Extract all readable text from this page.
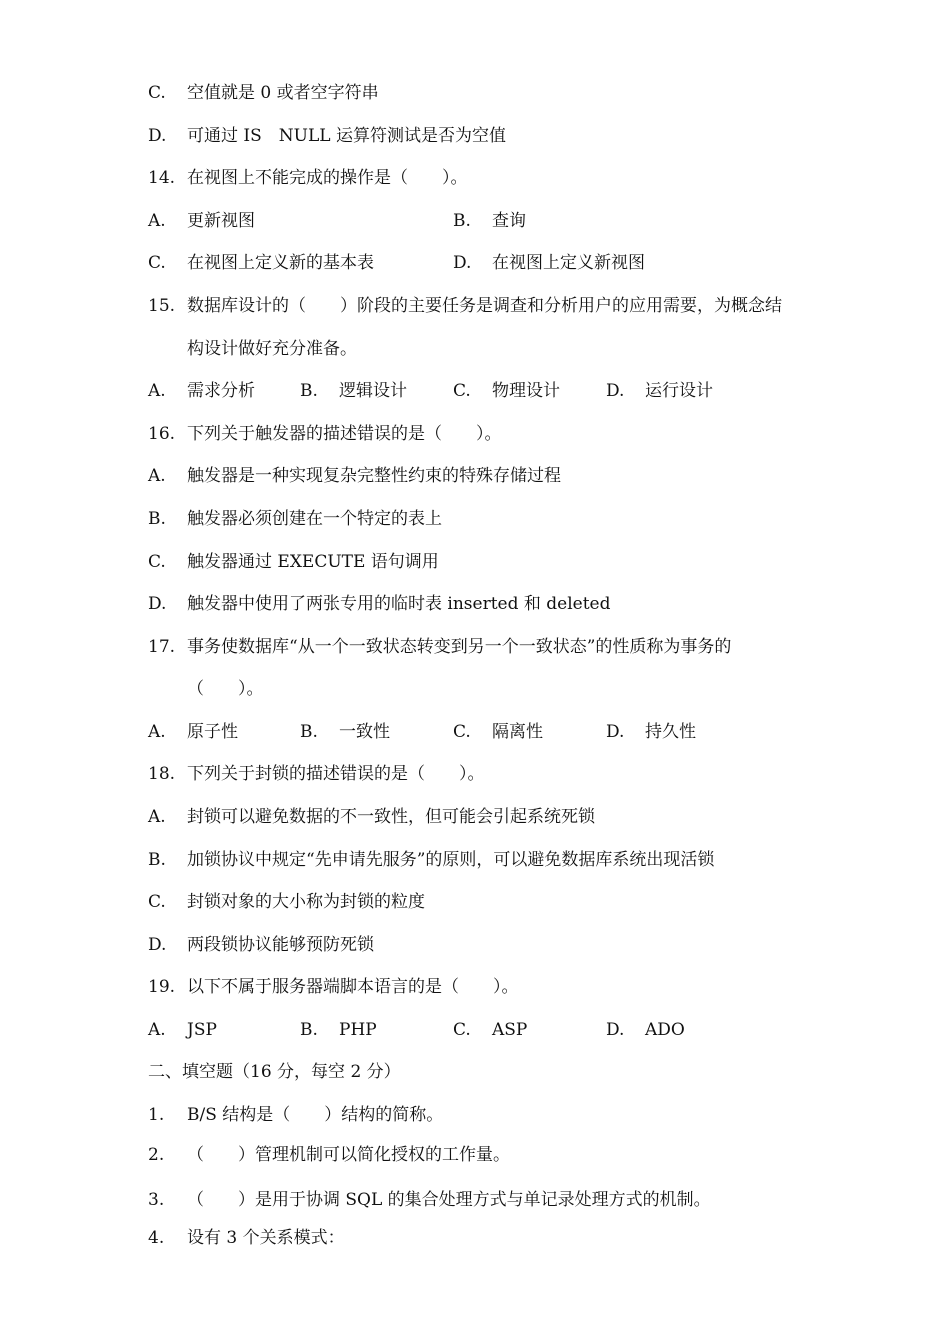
C. 空值就是 0 或者空字符串
D. 可通过 IS　NULL 运算符测试是否为空值
14. 在视图上不能完成的操作是（　　）。
A. 更新视图	B. 查询
C. 在视图上定义新的基本表	D. 在视图上定义新视图
15. 数据库设计的（　　）阶段的主要任务是调查和分析用户的应用需要，为概念结
构设计做好充分准备。
A. 需求分析	B. 逻辑设计	C. 物理设计	D. 运行设计
16. 下列关于触发器的描述错误的是（　　）。
A. 触发器是一种实现复杂完整性约束的特殊存储过程
B. 触发器必须创建在一个特定的表上
C. 触发器通过 EXECUTE 语句调用
D. 触发器中使用了两张专用的临时表 inserted 和 deleted
17. 事务使数据库“从一个一致状态转变到另一个一致状态”的性质称为事务的
（　　）。
A. 原子性	B. 一致性	C. 隔离性	D. 持久性
18. 下列关于封锁的描述错误的是（　　）。
A. 封锁可以避免数据的不一致性，但可能会引起系统死锁
B. 加锁协议中规定“先申请先服务”的原则，可以避免数据库系统出现活锁
C. 封锁对象的大小称为封锁的粒度
D. 两段锁协议能够预防死锁
19. 以下不属于服务器端脚本语言的是（　　）。
A. JSP	B. PHP	C. ASP	D. ADO
二、填空题（16 分，每空 2 分）
1. B/S 结构是（　　）结构的简称。
2. （　　）管理机制可以简化授权的工作量。
3. （　　）是用于协调 SQL 的集合处理方式与单记录处理方式的机制。
4. 设有 3 个关系模式：
